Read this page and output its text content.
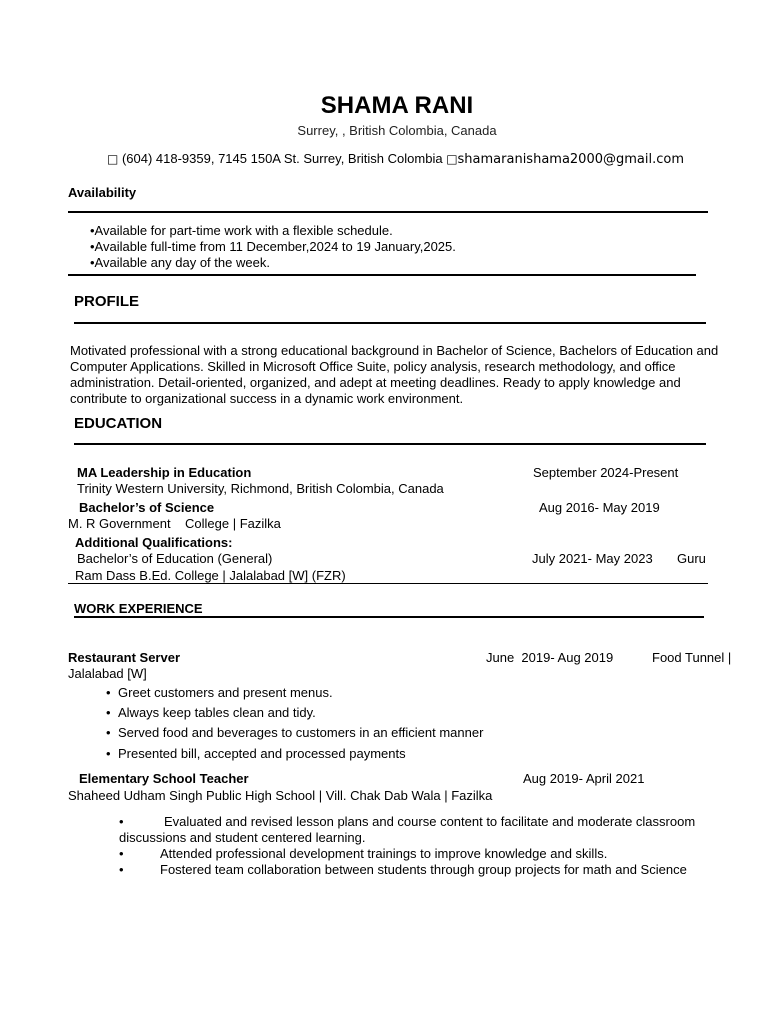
SHAMA RANI
Surrey, , British Colombia, Canada
□ (604) 418-9359, 7145 150A St. Surrey, British Colombia □shamaranishama2000@gmail.com
Availability
•Available for part-time work with a flexible schedule.
•Available full-time from 11 December,2024 to 19 January,2025.
•Available any day of the week.
PROFILE
Motivated professional with a strong educational background in Bachelor of Science, Bachelors of Education and Computer Applications. Skilled in Microsoft Office Suite, policy analysis, research methodology, and office administration. Detail-oriented, organized, and adept at meeting deadlines. Ready to apply knowledge and contribute to organizational success in a dynamic work environment.
EDUCATION
MA Leadership in Education	September 2024-Present
Trinity Western University, Richmond, British Colombia, Canada
Bachelor’s of Science	Aug 2016- May 2019
M. R Government    College | Fazilka
Additional Qualifications:
Bachelor’s of Education (General)	July 2021- May 2023 Guru
Ram Dass B.Ed. College | Jalalabad [W] (FZR)
WORK EXPERIENCE
Restaurant Server	June  2019- Aug 2019	Food Tunnel |
Jalalabad [W]
• Greet customers and present menus.
• Always keep tables clean and tidy.
• Served food and beverages to customers in an efficient manner
• Presented bill, accepted and processed payments
Elementary School Teacher	Aug 2019- April 2021
Shaheed Udham Singh Public High School | Vill. Chak Dab Wala | Fazilka
•	Evaluated and revised lesson plans and course content to facilitate and moderate classroom
discussions and student centered learning.
•	Attended professional development trainings to improve knowledge and skills.
•	Fostered team collaboration between students through group projects for math and Science
